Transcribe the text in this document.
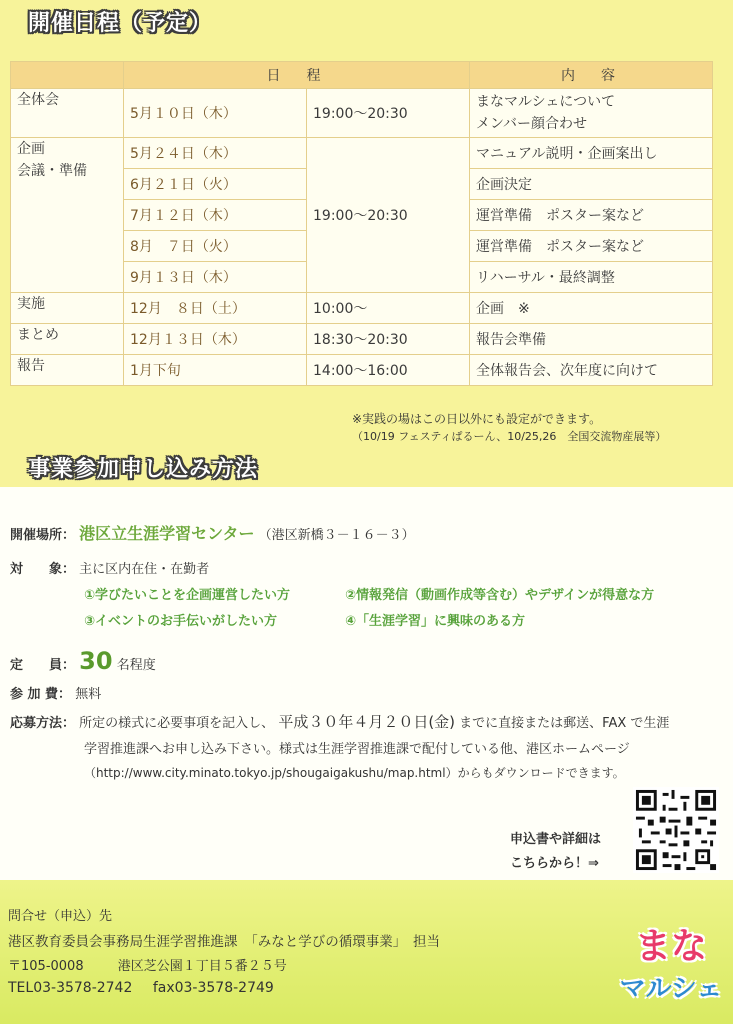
開催日程（予定）
	日　程		内　容
全体会	5月１０日（木）	19:00～20:30	まなマルシェについて
メンバー顔合わせ

企画
会議・準備	5月２４日（木）	19:00～20:30	マニュアル説明・企画案出し
	6月２１日（火）		企画決定
	7月１２日（木）		運営準備　ポスター案など
	8月　７日（火）		運営準備　ポスター案など
	9月１３日（木）		リハーサル・最終調整
実施	12月　８日（土）	10:00～	企画　※
まとめ	12月１３日（木）	18:30～20:30	報告会準備
報告	1月下旬	14:00～16:00	全体報告会、次年度に向けて
※実践の場はこの日以外にも設定ができます。
（10/19 フェスティぱるーん、10/25,26　全国交流物産展等）
事業参加申し込み方法
開催場所： 港区立生涯学習センター （港区新橋３－１６－３）
対　　象： 主に区内在住・在勤者
①学びたいことを企画運営したい方	②情報発信（動画作成等含む）やデザインが得意な方
③イベントのお手伝いがしたい方	④「生涯学習」に興味のある方
定　　員： 30 名程度
参 加 費： 無料
応募方法： 所定の様式に必要事項を記入し、 平成３０年４月２０日(金) までに直接または郵送、FAX で生涯
学習推進課へお申し込み下さい。様式は生涯学習推進課で配付している他、港区ホームページ
（http://www.city.minato.tokyo.jp/shougaigakushu/map.html）からもダウンロードできます。
申込書や詳細は
こちらから！⇒
問合せ（申込）先
港区教育委員会事務局生涯学習推進課　「みなと学びの循環事業」　担当
〒105-0008	港区芝公園１丁目５番２５号
TEL03-3578-2742 fax03-3578-2749
まな
マルシェ
